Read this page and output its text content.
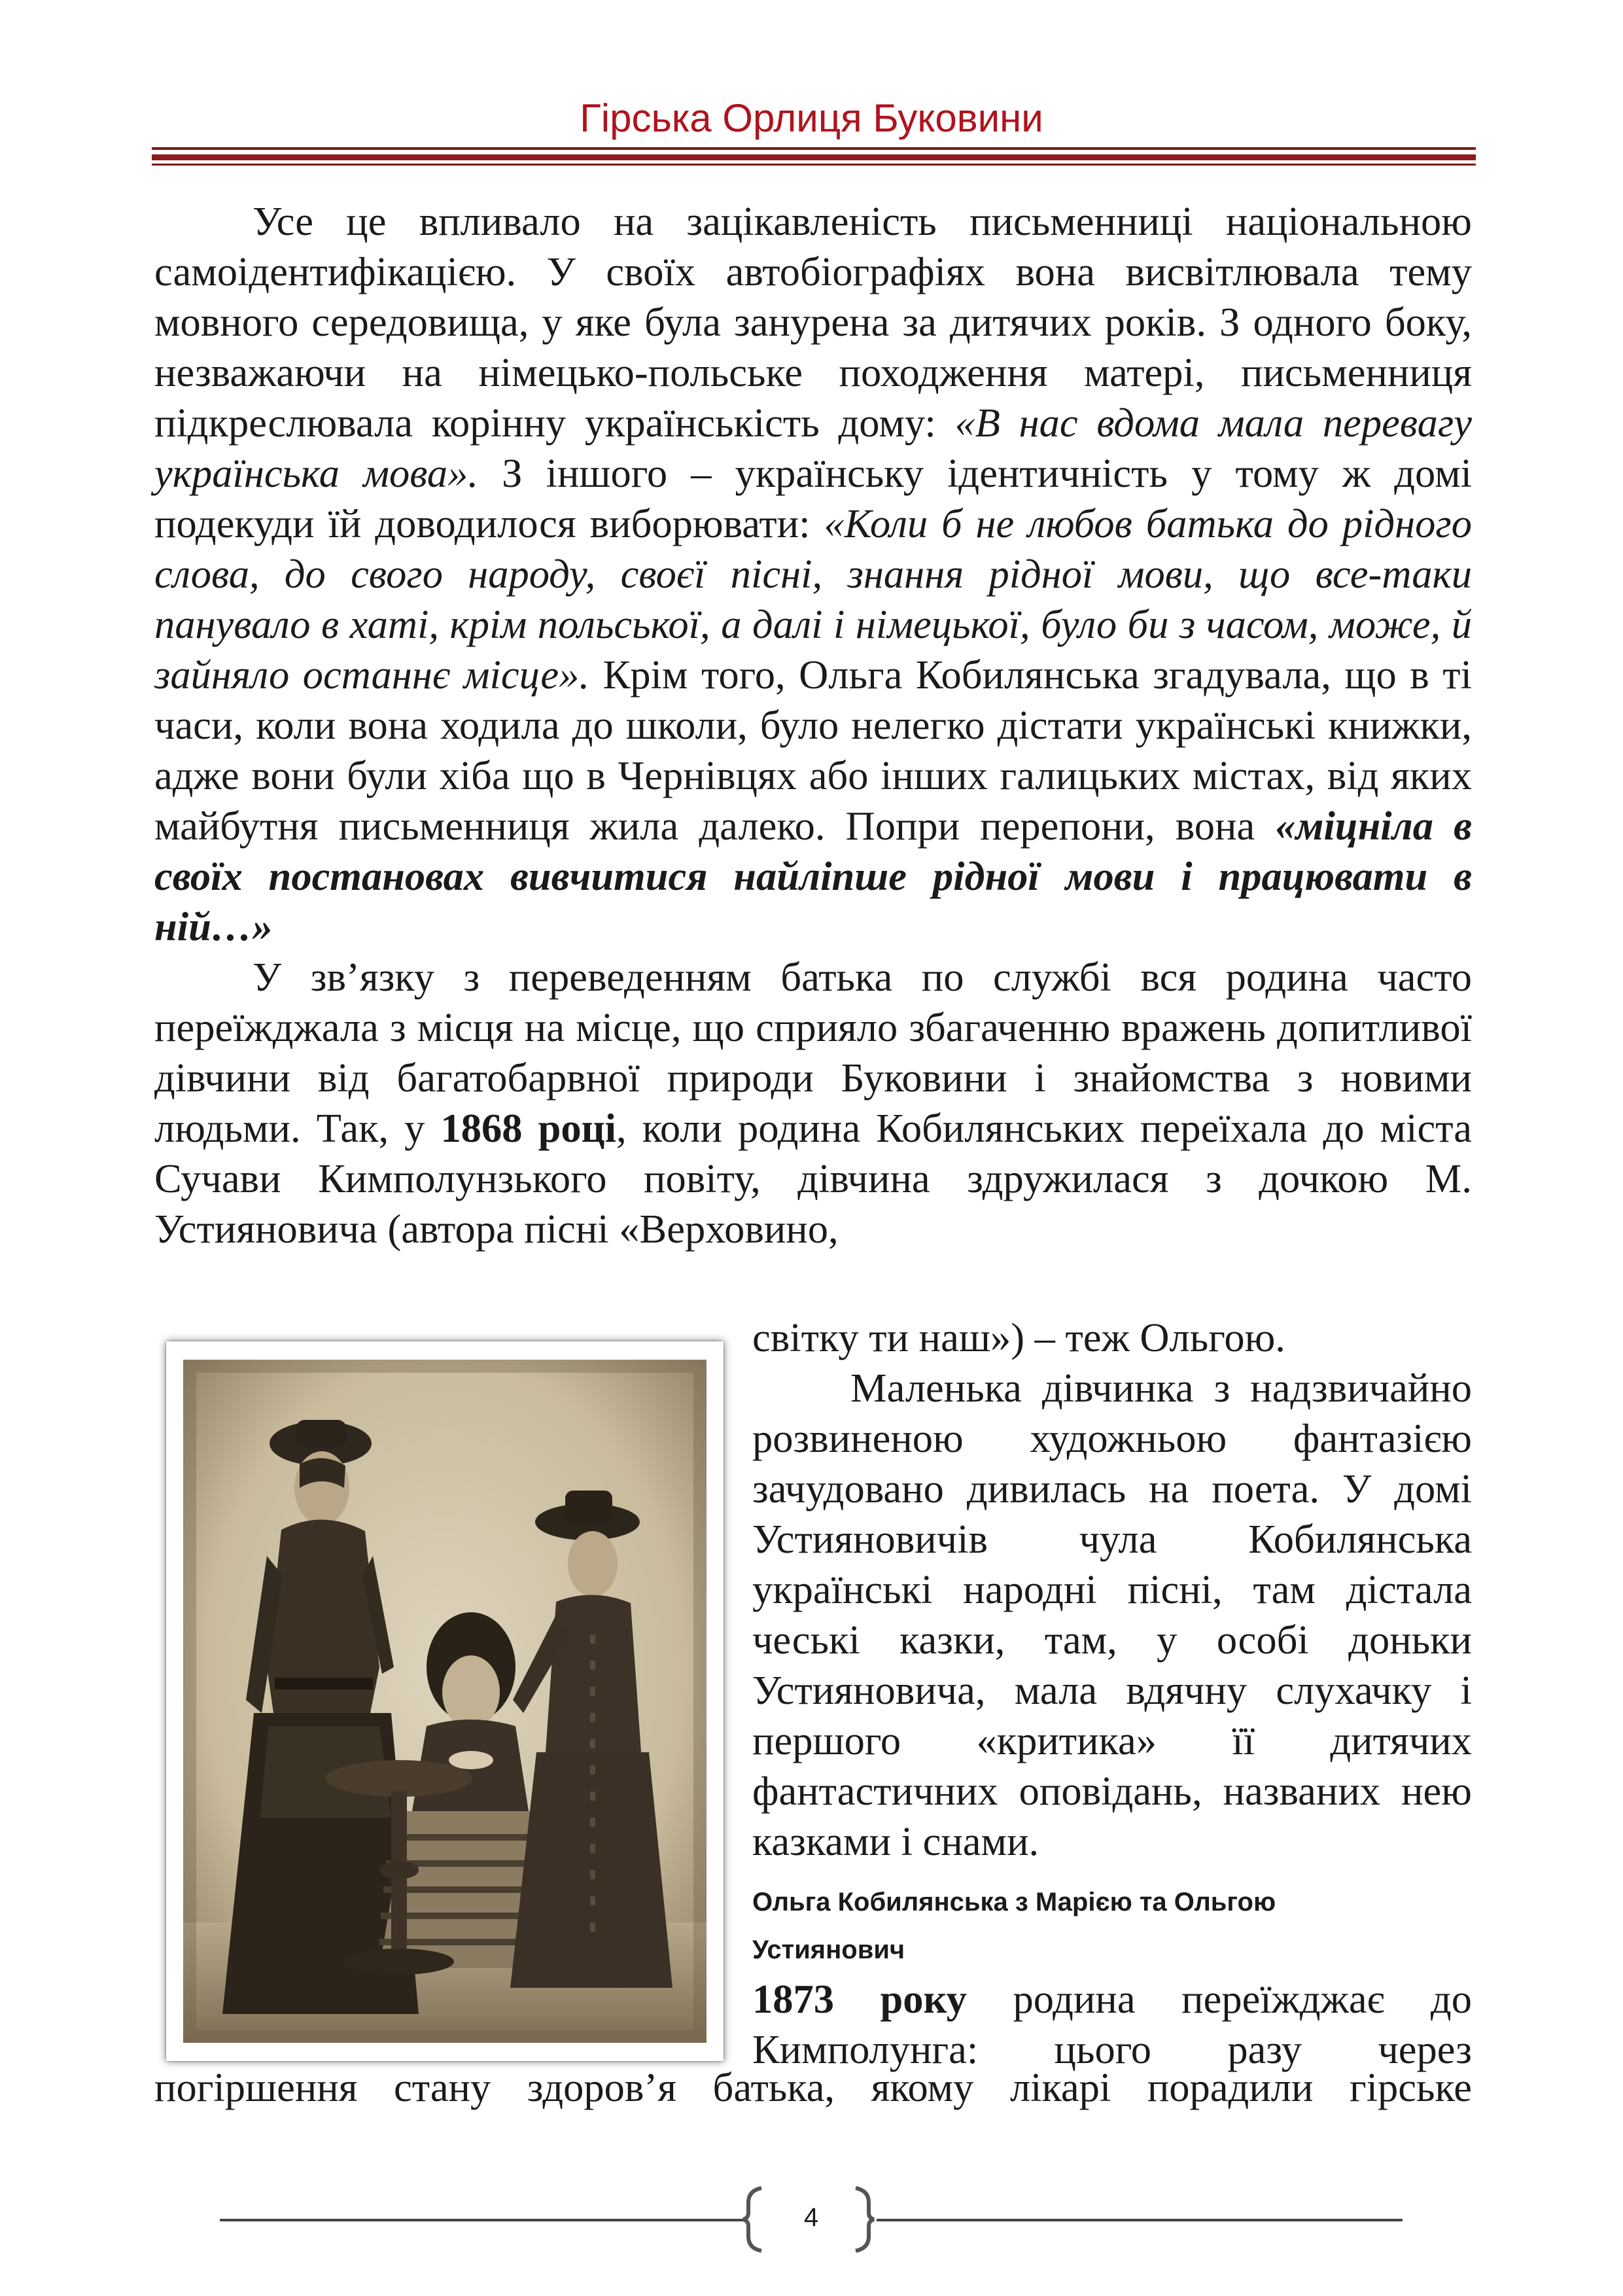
Гірська Орлиця Буковини

Усе це впливало на зацікавленість письменниці національною самоідентифікацією. У своїх автобіографіях вона висвітлювала тему мовного середовища, у яке була занурена за дитячих років. З одного боку, незважаючи на німецько-польське походження матері, письменниця підкреслювала корінну українськість дому: «В нас вдома мала перевагу українська мова». З іншого – українську ідентичність у тому ж домі подекуди їй доводилося виборювати: «Коли б не любов батька до рідного слова, до свого народу, своєї пісні, знання рідної мови, що все-таки панувало в хаті, крім польської, а далі і німецької, було би з часом, може, й зайняло останнє місце». Крім того, Ольга Кобилянська згадувала, що в ті часи, коли вона ходила до школи, було нелегко дістати українські книжки, адже вони були хіба що в Чернівцях або інших галицьких містах, від яких майбутня письменниця жила далеко. Попри перепони, вона «міцніла в своїх постановах вивчитися найліпше рідної мови і працювати в ній…»

У зв’язку з переведенням батька по службі вся родина часто переїжджала з місця на місце, що сприяло збагаченню вражень допитливої дівчини від багатобарвної природи Буковини і знайомства з новими людьми. Так, у 1868 році, коли родина Кобилянських переїхала до міста Сучави Кимполунзького повіту, дівчина здружилася з дочкою М. Устияновича (автора пісні «Верховино,

світку ти наш») – теж Ольгою.

Маленька дівчинка з надзвичайно розвиненою художньою фантазією зачудовано дивилась на поета. У домі Устияновичів чула Кобилянська українські народні пісні, там дістала чеські казки, там, у особі доньки Устияновича, мала вдячну слухачку і першого «критика» її дитячих фантастичних оповідань, названих нею казками і снами.

Ольга Кобилянська з Марією та Ольгою
Устиянович

1873 року родина переїжджає до Кимполунга: цього разу через

погіршення стану здоров’я батька, якому лікарі порадили гірське
4
